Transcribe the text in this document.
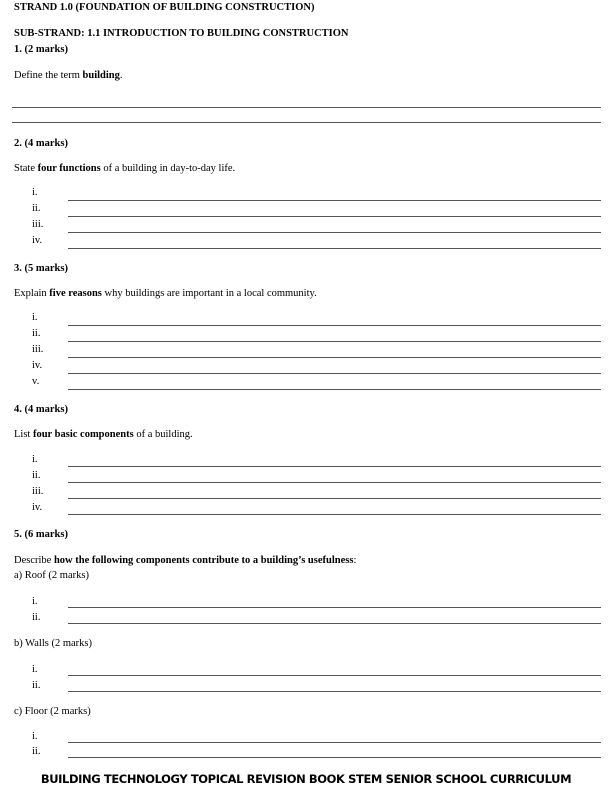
STRAND 1.0 (FOUNDATION OF BUILDING CONSTRUCTION)
SUB-STRAND: 1.1 INTRODUCTION TO BUILDING CONSTRUCTION
1. (2 marks)
Define the term building.
2. (4 marks)
State four functions of a building in day-to-day life.
i.
ii.
iii.
iv.
3. (5 marks)
Explain five reasons why buildings are important in a local community.
i.
ii.
iii.
iv.
v.
4. (4 marks)
List four basic components of a building.
i.
ii.
iii.
iv.
5. (6 marks)
Describe how the following components contribute to a building’s usefulness:
a) Roof (2 marks)
i.
ii.
b) Walls (2 marks)
i.
ii.
c) Floor (2 marks)
i.
ii.
BUILDING TECHNOLOGY TOPICAL REVISION BOOK STEM SENIOR SCHOOL CURRICULUM
